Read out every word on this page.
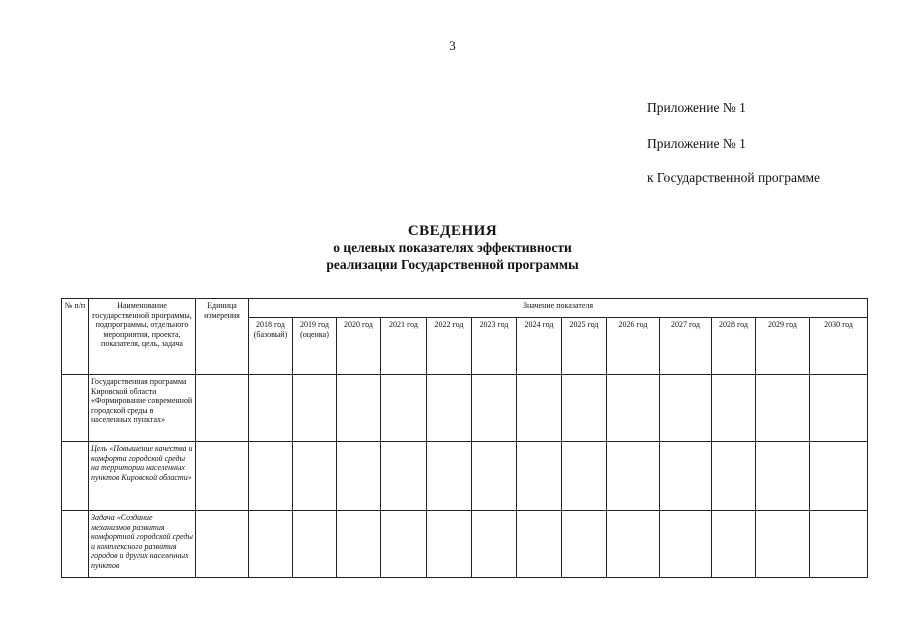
3
Приложение № 1
Приложение № 1
к Государственной программе
СВЕДЕНИЯ
о целевых показателях эффективности
реализации Государственной программы
№ п/п	Наименование государственной программы, подпрограммы, отдельного мероприятия, проекта, показателя, цель, задача	Единица измерения	Значение показателя												
			2018 год (базовый)	2019 год (оценка)	2020 год	2021 год	2022 год	2023 год	2024 год	2025 год	2026 год	2027 год	2028 год	2029 год	2030 год
	Государственная программа Кировской области «Формирование современной городской среды в населенных пунктах»														
	Цель «Повышение качества и комфорта городской среды на территории населенных пунктов Кировской области»														
	Задача «Создание механизмов развития комфортной городской среды и комплексного развития городов и других населенных пунктов														
